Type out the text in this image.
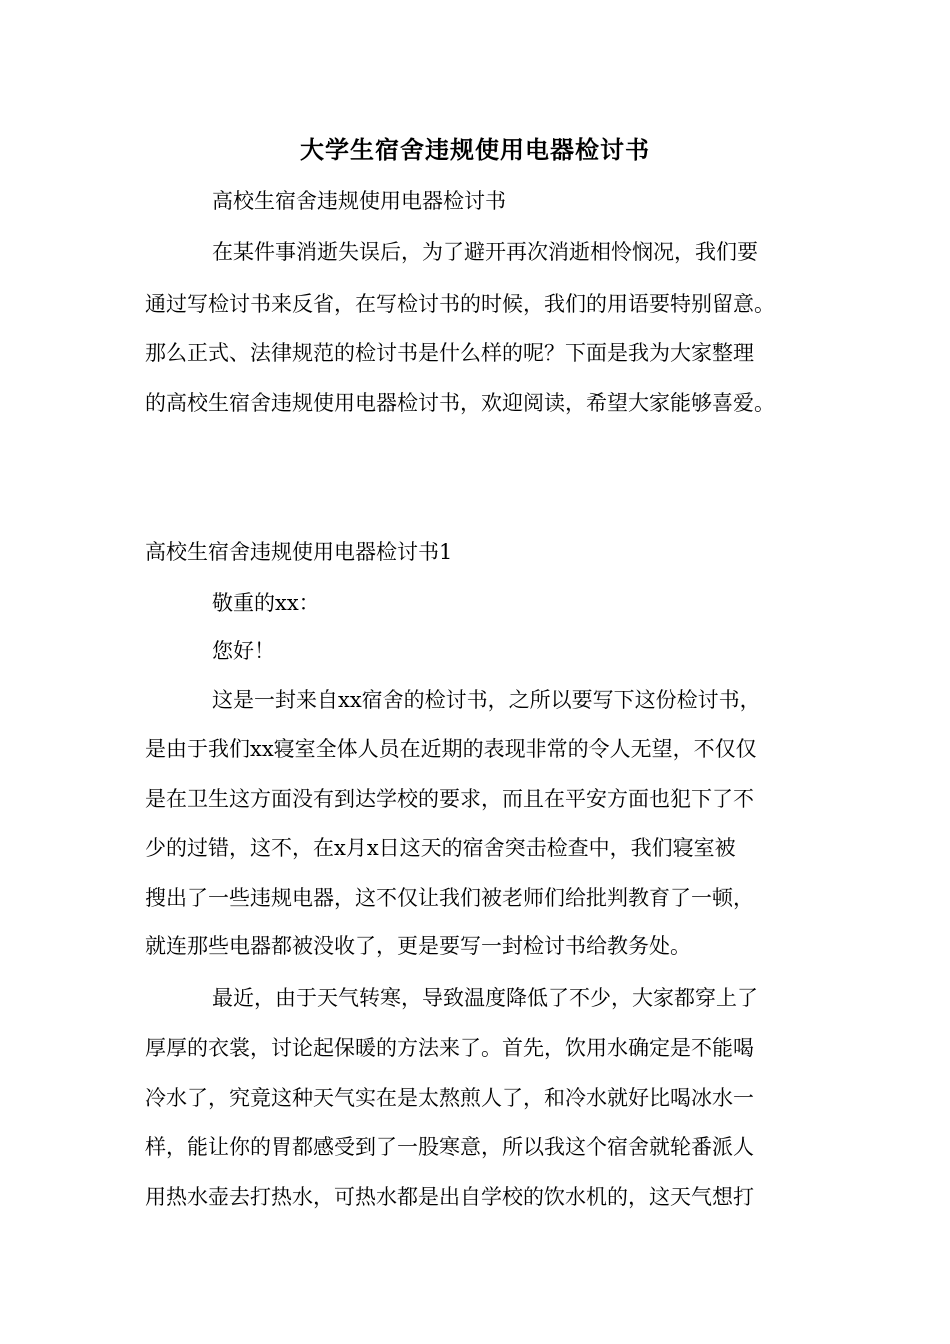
大学生宿舍违规使用电器检讨书
高校生宿舍违规使用电器检讨书
在某件事消逝失误后，为了避开再次消逝相怜悯况，我们要
通过写检讨书来反省，在写检讨书的时候，我们的用语要特别留意。
那么正式、法律规范的检讨书是什么样的呢？下面是我为大家整理
的高校生宿舍违规使用电器检讨书，欢迎阅读，希望大家能够喜爱。
高校生宿舍违规使用电器检讨书1
敬重的xx：
您好！
这是一封来自xx宿舍的检讨书，之所以要写下这份检讨书，
是由于我们xx寝室全体人员在近期的表现非常的令人无望，不仅仅
是在卫生这方面没有到达学校的要求，而且在平安方面也犯下了不
少的过错，这不，在x月x日这天的宿舍突击检查中，我们寝室被
搜出了一些违规电器，这不仅让我们被老师们给批判教育了一顿，
就连那些电器都被没收了，更是要写一封检讨书给教务处。
最近，由于天气转寒，导致温度降低了不少，大家都穿上了
厚厚的衣裳，讨论起保暖的方法来了。首先，饮用水确定是不能喝
冷水了，究竟这种天气实在是太熬煎人了，和冷水就好比喝冰水一
样，能让你的胃都感受到了一股寒意，所以我这个宿舍就轮番派人
用热水壶去打热水，可热水都是出自学校的饮水机的，这天气想打
